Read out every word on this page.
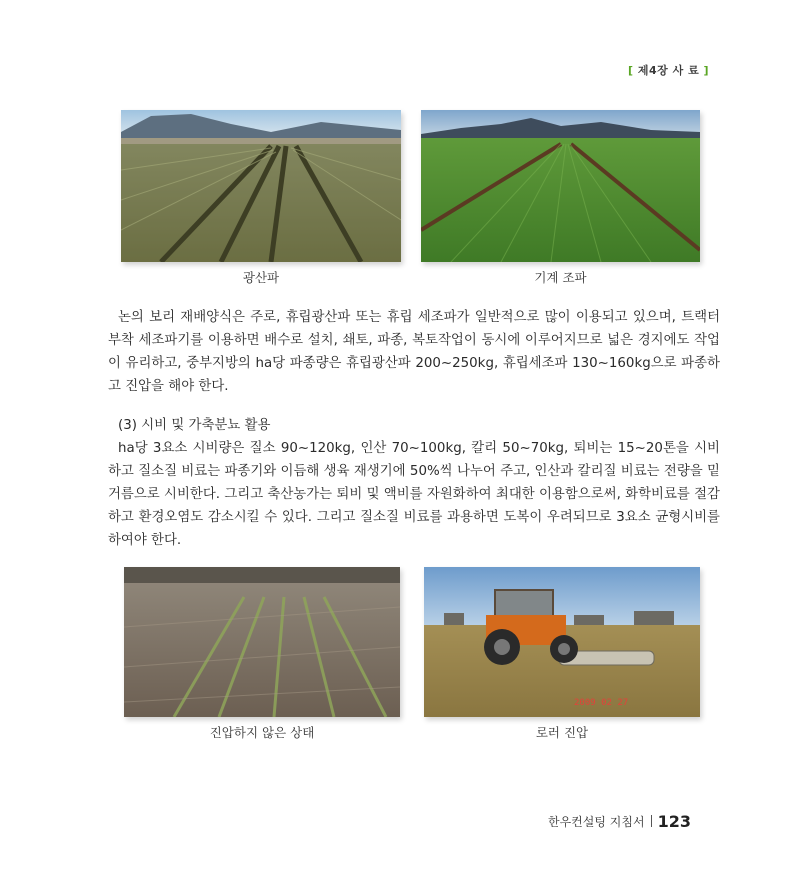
[ 제4장 사 료 ]
광산파	기계 조파

논의 보리 재배양식은 주로, 휴립광산파 또는 휴립 세조파가 일반적으로 많이 이용되고 있으며, 트랙터 부착 세조파기를 이용하면 배수로 설치, 쇄토, 파종, 복토작업이 동시에 이루어지므로 넓은 경지에도 작업이 유리하고, 중부지방의 ha당 파종량은 휴립광산파 200~250kg, 휴립세조파 130~160kg으로 파종하고 진압을 해야 한다.

(3) 시비 및 가축분뇨 활용

ha당 3요소 시비량은 질소 90~120kg, 인산 70~100kg, 칼리 50~70kg, 퇴비는 15~20톤을 시비하고 질소질 비료는 파종기와 이듬해 생육 재생기에 50%씩 나누어 주고, 인산과 칼리질 비료는 전량을 밑거름으로 시비한다. 그리고 축산농가는 퇴비 및 액비를 자원화하여 최대한 이용함으로써, 화학비료를 절감하고 환경오염도 감소시킬 수 있다. 그리고 질소질 비료를 과용하면 도복이 우려되므로 3요소 균형시비를 하여야 한다.

진압하지 않은 상태
2009 02 27
로러 진압
한우컨설팅 지침서 123
